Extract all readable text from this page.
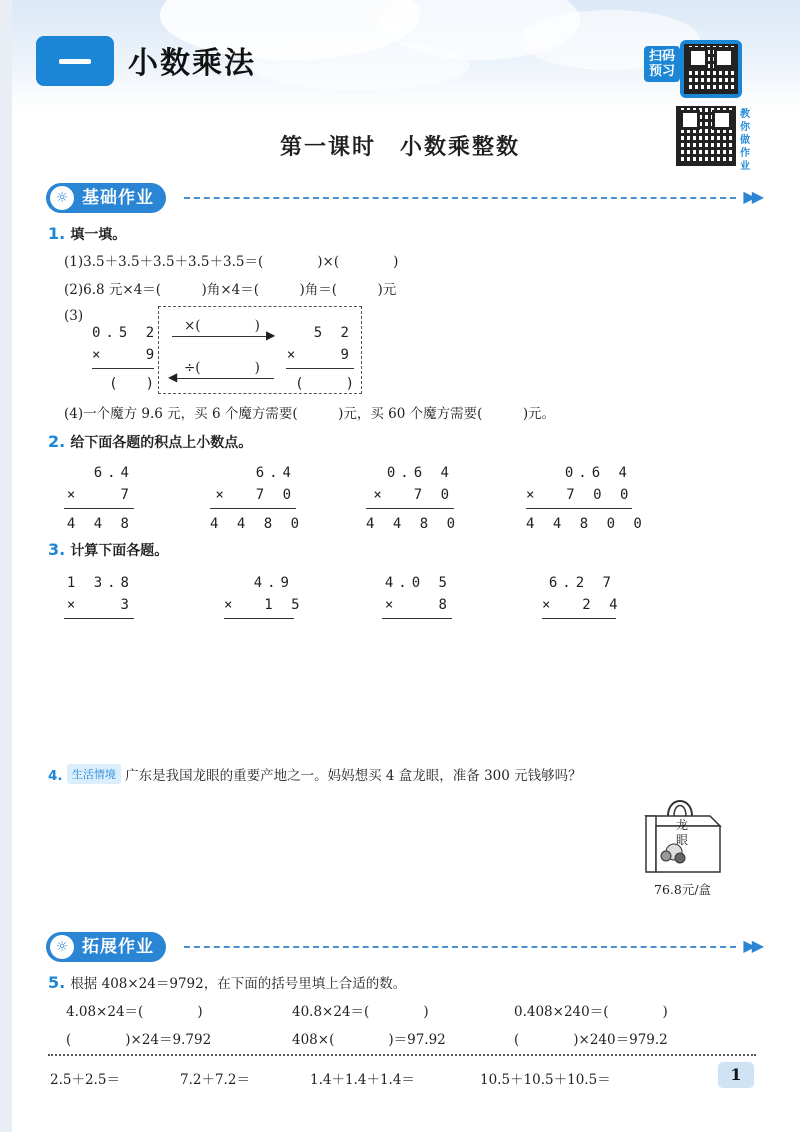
小数乘法	扫码预习
教你做作业
第一课时　小数乘整数
基础作业
☼	▶▶
1. 填一填。
(1)3.5＋3.5＋3.5＋3.5＋3.5＝(　　　　)×(　　　　)
(2)6.8 元×4＝(　　　)角×4＝(　　　)角＝(　　　)元
(3)
0.5 2
×   9
(　　)
×(　　　　)
▶
÷(　　　　)
◀
5 2
×   9
(　　　)
(4)一个魔方 9.6 元，买 6 个魔方需要(　　　)元，买 60 个魔方需要(　　　)元。
2. 给下面各题的积点上小数点。
6.4
×   7
4 4 8
6.4
×  7 0
4 4 8 0
0.6 4
×  7 0
4 4 8 0
0.6 4
×  7 0 0
4 4 8 0 0
3. 计算下面各题。
1 3.8
×   3
4.9
×  1 5
4.0 5
×   8
6.2 7
×  2 4
4. 生活情境 广东是我国龙眼的重要产地之一。妈妈想买 4 盒龙眼，准备 300 元钱够吗？
龙眼
76.8元/盒
拓展作业
☼	▶▶
5. 根据 408×24＝9792，在下面的括号里填上合适的数。
4.08×24＝(　　　　)	40.8×24＝(　　　　)	0.408×240＝(　　　　)
(　　　　)×24＝9.792	408×(　　　　)＝97.92	(　　　　)×240＝979.2
2.5＋2.5＝	7.2＋7.2＝	1.4＋1.4＋1.4＝	10.5＋10.5＋10.5＝	1
